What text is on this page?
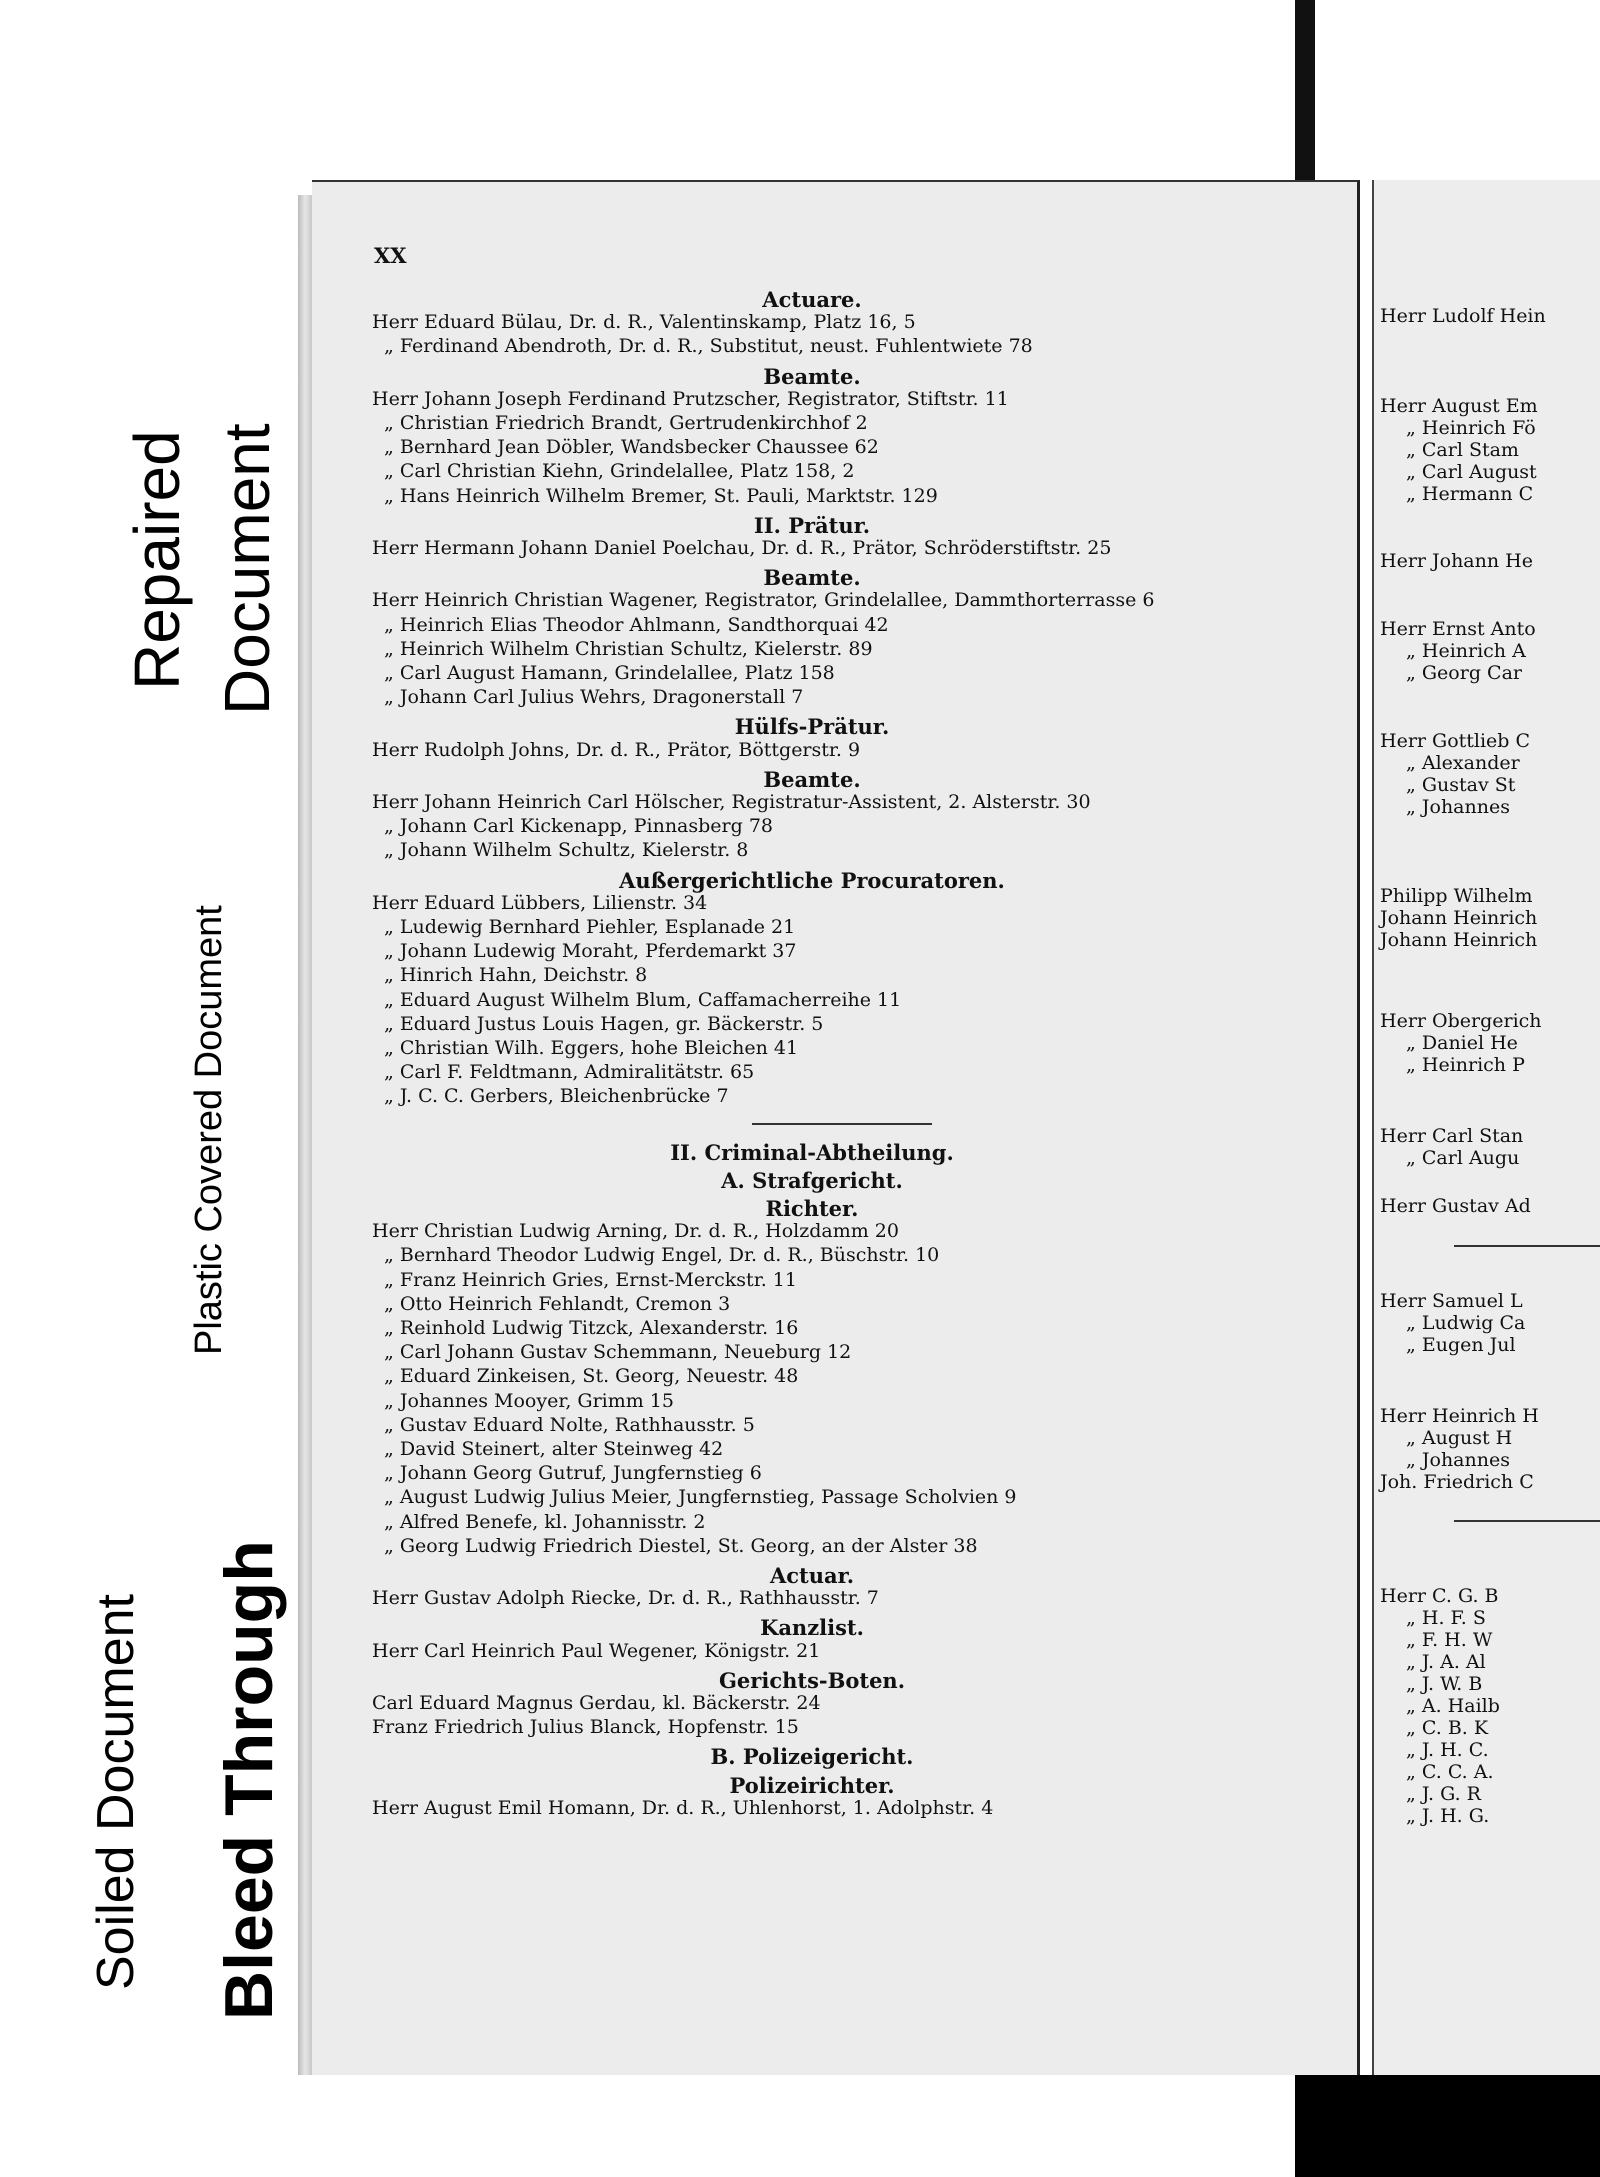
Repaired Document
Plastic Covered Document
Soiled Document Bleed Through
XX
Actuare.
Herr Eduard Bülau, Dr. d. R., Valentinskamp, Platz 16, 5
„ Ferdinand Abendroth, Dr. d. R., Substitut, neust. Fuhlentwiete 78
Beamte.
Herr Johann Joseph Ferdinand Prutzscher, Registrator, Stiftstr. 11
„ Christian Friedrich Brandt, Gertrudenkirchhof 2
„ Bernhard Jean Döbler, Wandsbecker Chaussee 62
„ Carl Christian Kiehn, Grindelallee, Platz 158, 2
„ Hans Heinrich Wilhelm Bremer, St. Pauli, Marktstr. 129
II. Prätur.
Herr Hermann Johann Daniel Poelchau, Dr. d. R., Prätor, Schröderstiftstr. 25
Beamte.
Herr Heinrich Christian Wagener, Registrator, Grindelallee, Dammthorterrasse 6
„ Heinrich Elias Theodor Ahlmann, Sandthorquai 42
„ Heinrich Wilhelm Christian Schultz, Kielerstr. 89
„ Carl August Hamann, Grindelallee, Platz 158
„ Johann Carl Julius Wehrs, Dragonerstall 7
Hülfs-Prätur.
Herr Rudolph Johns, Dr. d. R., Prätor, Böttgerstr. 9
Beamte.
Herr Johann Heinrich Carl Hölscher, Registratur-Assistent, 2. Alsterstr. 30
„ Johann Carl Kickenapp, Pinnasberg 78
„ Johann Wilhelm Schultz, Kielerstr. 8
Außergerichtliche Procuratoren.
Herr Eduard Lübbers, Lilienstr. 34
„ Ludewig Bernhard Piehler, Esplanade 21
„ Johann Ludewig Moraht, Pferdemarkt 37
„ Hinrich Hahn, Deichstr. 8
„ Eduard August Wilhelm Blum, Caffamacherreihe 11
„ Eduard Justus Louis Hagen, gr. Bäckerstr. 5
„ Christian Wilh. Eggers, hohe Bleichen 41
„ Carl F. Feldtmann, Admiralitätstr. 65
„ J. C. C. Gerbers, Bleichenbrücke 7
II. Criminal-Abtheilung.
A. Strafgericht.
Richter.
Herr Christian Ludwig Arning, Dr. d. R., Holzdamm 20
„ Bernhard Theodor Ludwig Engel, Dr. d. R., Büschstr. 10
„ Franz Heinrich Gries, Ernst-Merckstr. 11
„ Otto Heinrich Fehlandt, Cremon 3
„ Reinhold Ludwig Titzck, Alexanderstr. 16
„ Carl Johann Gustav Schemmann, Neueburg 12
„ Eduard Zinkeisen, St. Georg, Neuestr. 48
„ Johannes Mooyer, Grimm 15
„ Gustav Eduard Nolte, Rathhausstr. 5
„ David Steinert, alter Steinweg 42
„ Johann Georg Gutruf, Jungfernstieg 6
„ August Ludwig Julius Meier, Jungfernstieg, Passage Scholvien 9
„ Alfred Benefe, kl. Johannisstr. 2
„ Georg Ludwig Friedrich Diestel, St. Georg, an der Alster 38
Actuar.
Herr Gustav Adolph Riecke, Dr. d. R., Rathhausstr. 7
Kanzlist.
Herr Carl Heinrich Paul Wegener, Königstr. 21
Gerichts-Boten.
Carl Eduard Magnus Gerdau, kl. Bäckerstr. 24
Franz Friedrich Julius Blanck, Hopfenstr. 15
B. Polizeigericht.
Polizeirichter.
Herr August Emil Homann, Dr. d. R., Uhlenhorst, 1. Adolphstr. 4
Herr Ludolf Hein
Herr August Em
„ Heinrich Fö
„ Carl Stam
„ Carl August
„ Hermann C
Herr Johann He
Herr Ernst Anto
„ Heinrich A
„ Georg Car
Herr Gottlieb C
„ Alexander
„ Gustav St
„ Johannes
Philipp Wilhelm
Johann Heinrich
Johann Heinrich
Herr Obergerich
„ Daniel He
„ Heinrich P
Herr Carl Stan
„ Carl Augu
Herr Gustav Ad
Herr Samuel L
„ Ludwig Ca
„ Eugen Jul
Herr Heinrich H
„ August H
„ Johannes
Joh. Friedrich C
Herr C. G. B
„ H. F. S
„ F. H. W
„ J. A. Al
„ J. W. B
„ A. Hailb
„ C. B. K
„ J. H. C.
„ C. C. A.
„ J. G. R
„ J. H. G.
